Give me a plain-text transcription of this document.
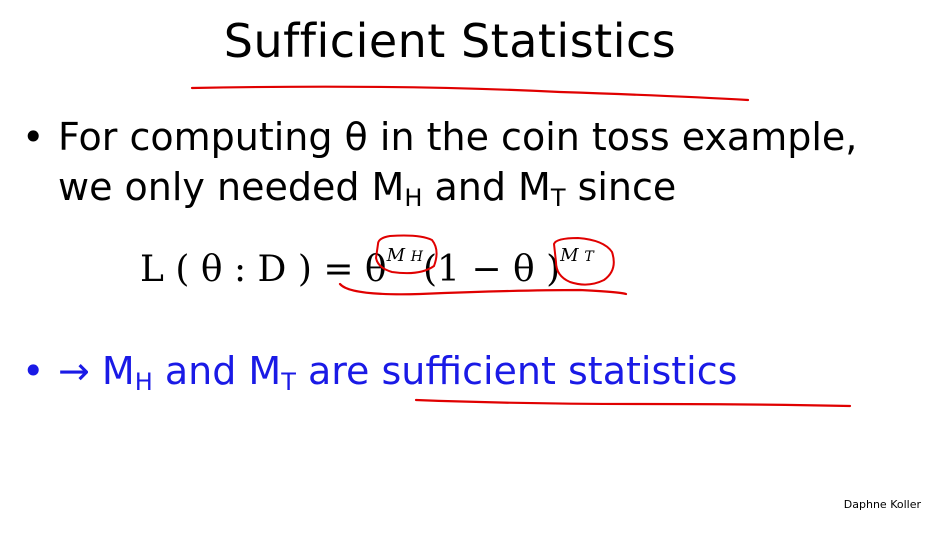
Sufficient Statistics
• For computing θ in the coin toss example,
we only needed $M_H$ and $M_T$ since
L ( θ : D ) = $\theta^{M H}(1 - \theta$ )$^{M T}$
• → $M_H$ and $M_T$ are sufficient statistics
Daphne Koller
